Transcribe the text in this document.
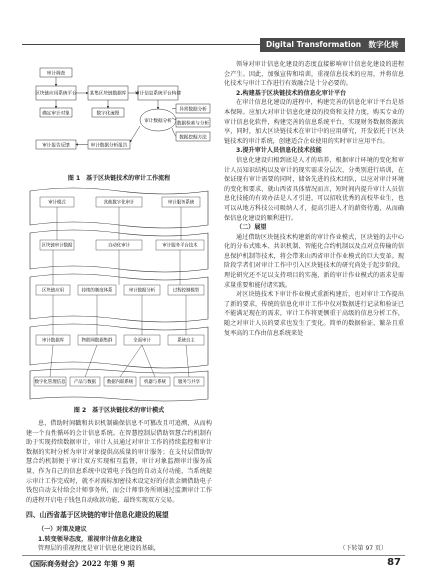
Digital Transformation　数字化转型
审计调查
区块链应用系统平台
确定审计对象
某集区块链数据库
数字化流程
审计信息系统平台构建
审计数据分析
审计报告反馈	审计数据分析报告
异常数据分析
数据检索与分析
数据挖掘方法
图 1　基于区块链技术的审计工作流程
审计模式	其他数字化审计	审计服务系统
区块链审计数据	自动化审计	审计服务平台技术
区块链应用	持续的制度体系	审计数据分析	过程控制模型
审计数据库	物联网数据集群	全面审计	系统自主
数字化管理信息 产品与数据 数据内联系统 机器与系统	服务与共享
图 2　基于区块链技术的审计模式

息，借助时间戳和共识机制确保信息不可篡改且可追溯，从而构建一个良性循环的会计信息系统。在智慧控制层借助智慧合约机制有助于实现持续数据审计，审计人员通过对审计工作的持续监控和审计数据的实时分析为审计对象提供高质量的审计服务；在支付层借助智慧合约机制便于审计双方实现相互监督，审计对象监测审计服务质量，作为自己的信息系统中设置电子钱包的自动支付功能，当系统提示审计工作完成时，就不对需标加密技术设定好的付款金额借助电子钱包自动支付给会计师事务所，而会计师事务所则通过监测审计工作的进程开启电子钱包自动收款功能，最终实现双方交易。

四、山西省基于区块链的审计信息化建设的展望

（一）对策及建议

1.转变领导态度，重视审计信息化建设

管理层的重视程度是审计信息化建设的基础，

领导对审计信息化建设的态度直接影响审计信息化建设的进程会产生。因此，加强宣传和培训，重视信息技术的应用，并将信息化技术与审计工作进行有效融合是十分必要的。

2.构建基于区块链技术的信息化审计平台

在审计信息化建设的进程中，构建完善的信息化审计平台是基本保障。应加大对审计信息化建设的投资和支持力度，购买专业的审计信息化软件，构建完善的信息系统平台，实现财务数据资源共享，同时，加大区块链技术在审计中的应用研究，开发依托于区块链技术的审计系统，创建适合企业使用的实时审计应用平台。

3.提升审计人员信息化技术技能

信息化建设归根到底是人才的培养，根据审计环境的变化和审计人员知识结构以及审计的现实需求分层次、分类别进行培训，在保证现有审计需要的同时，储备先进的技术团队，以应对审计环境的变化和要求，就山西省具体情况而言，短时间内提升审计人员信息化技能的有效办法是人才引进，可以招收优秀的高校毕业生，也可以从地方科技公司吸纳人才，提高引进人才的薪资待遇，从而确保信息化建设的顺利进行。

（二）展望

通过借助区块链技术构建新的审计作业模式，区块链的去中心化的分布式账本、共识机制、智能化合约机制以及点对点传输的信息保护机制等技术，将会带来山西省审计作业模式的巨大变革。现阶段学者们对审计工作中引入区块链技术的研究尚处于起步阶段，理论研究还不足以支持项目的实施，新的审计作业模式的需求是需求量重要和能付诸实践。

对区块链技术下审计作业模式重新构建后，也对审计工作提出了新的要求，传统的信息化审计工作中仅对数据进行记录和验证已不能满足现在的需求，审计工作将更侧重于高级的信息分析工作，随之对审计人员的要求也发生了变化。简单的数据验证、繁杂且重复率高的工作由信息系统来处

（下转第 97 页）
《国际商务财会》2022 年第 9 期	87
